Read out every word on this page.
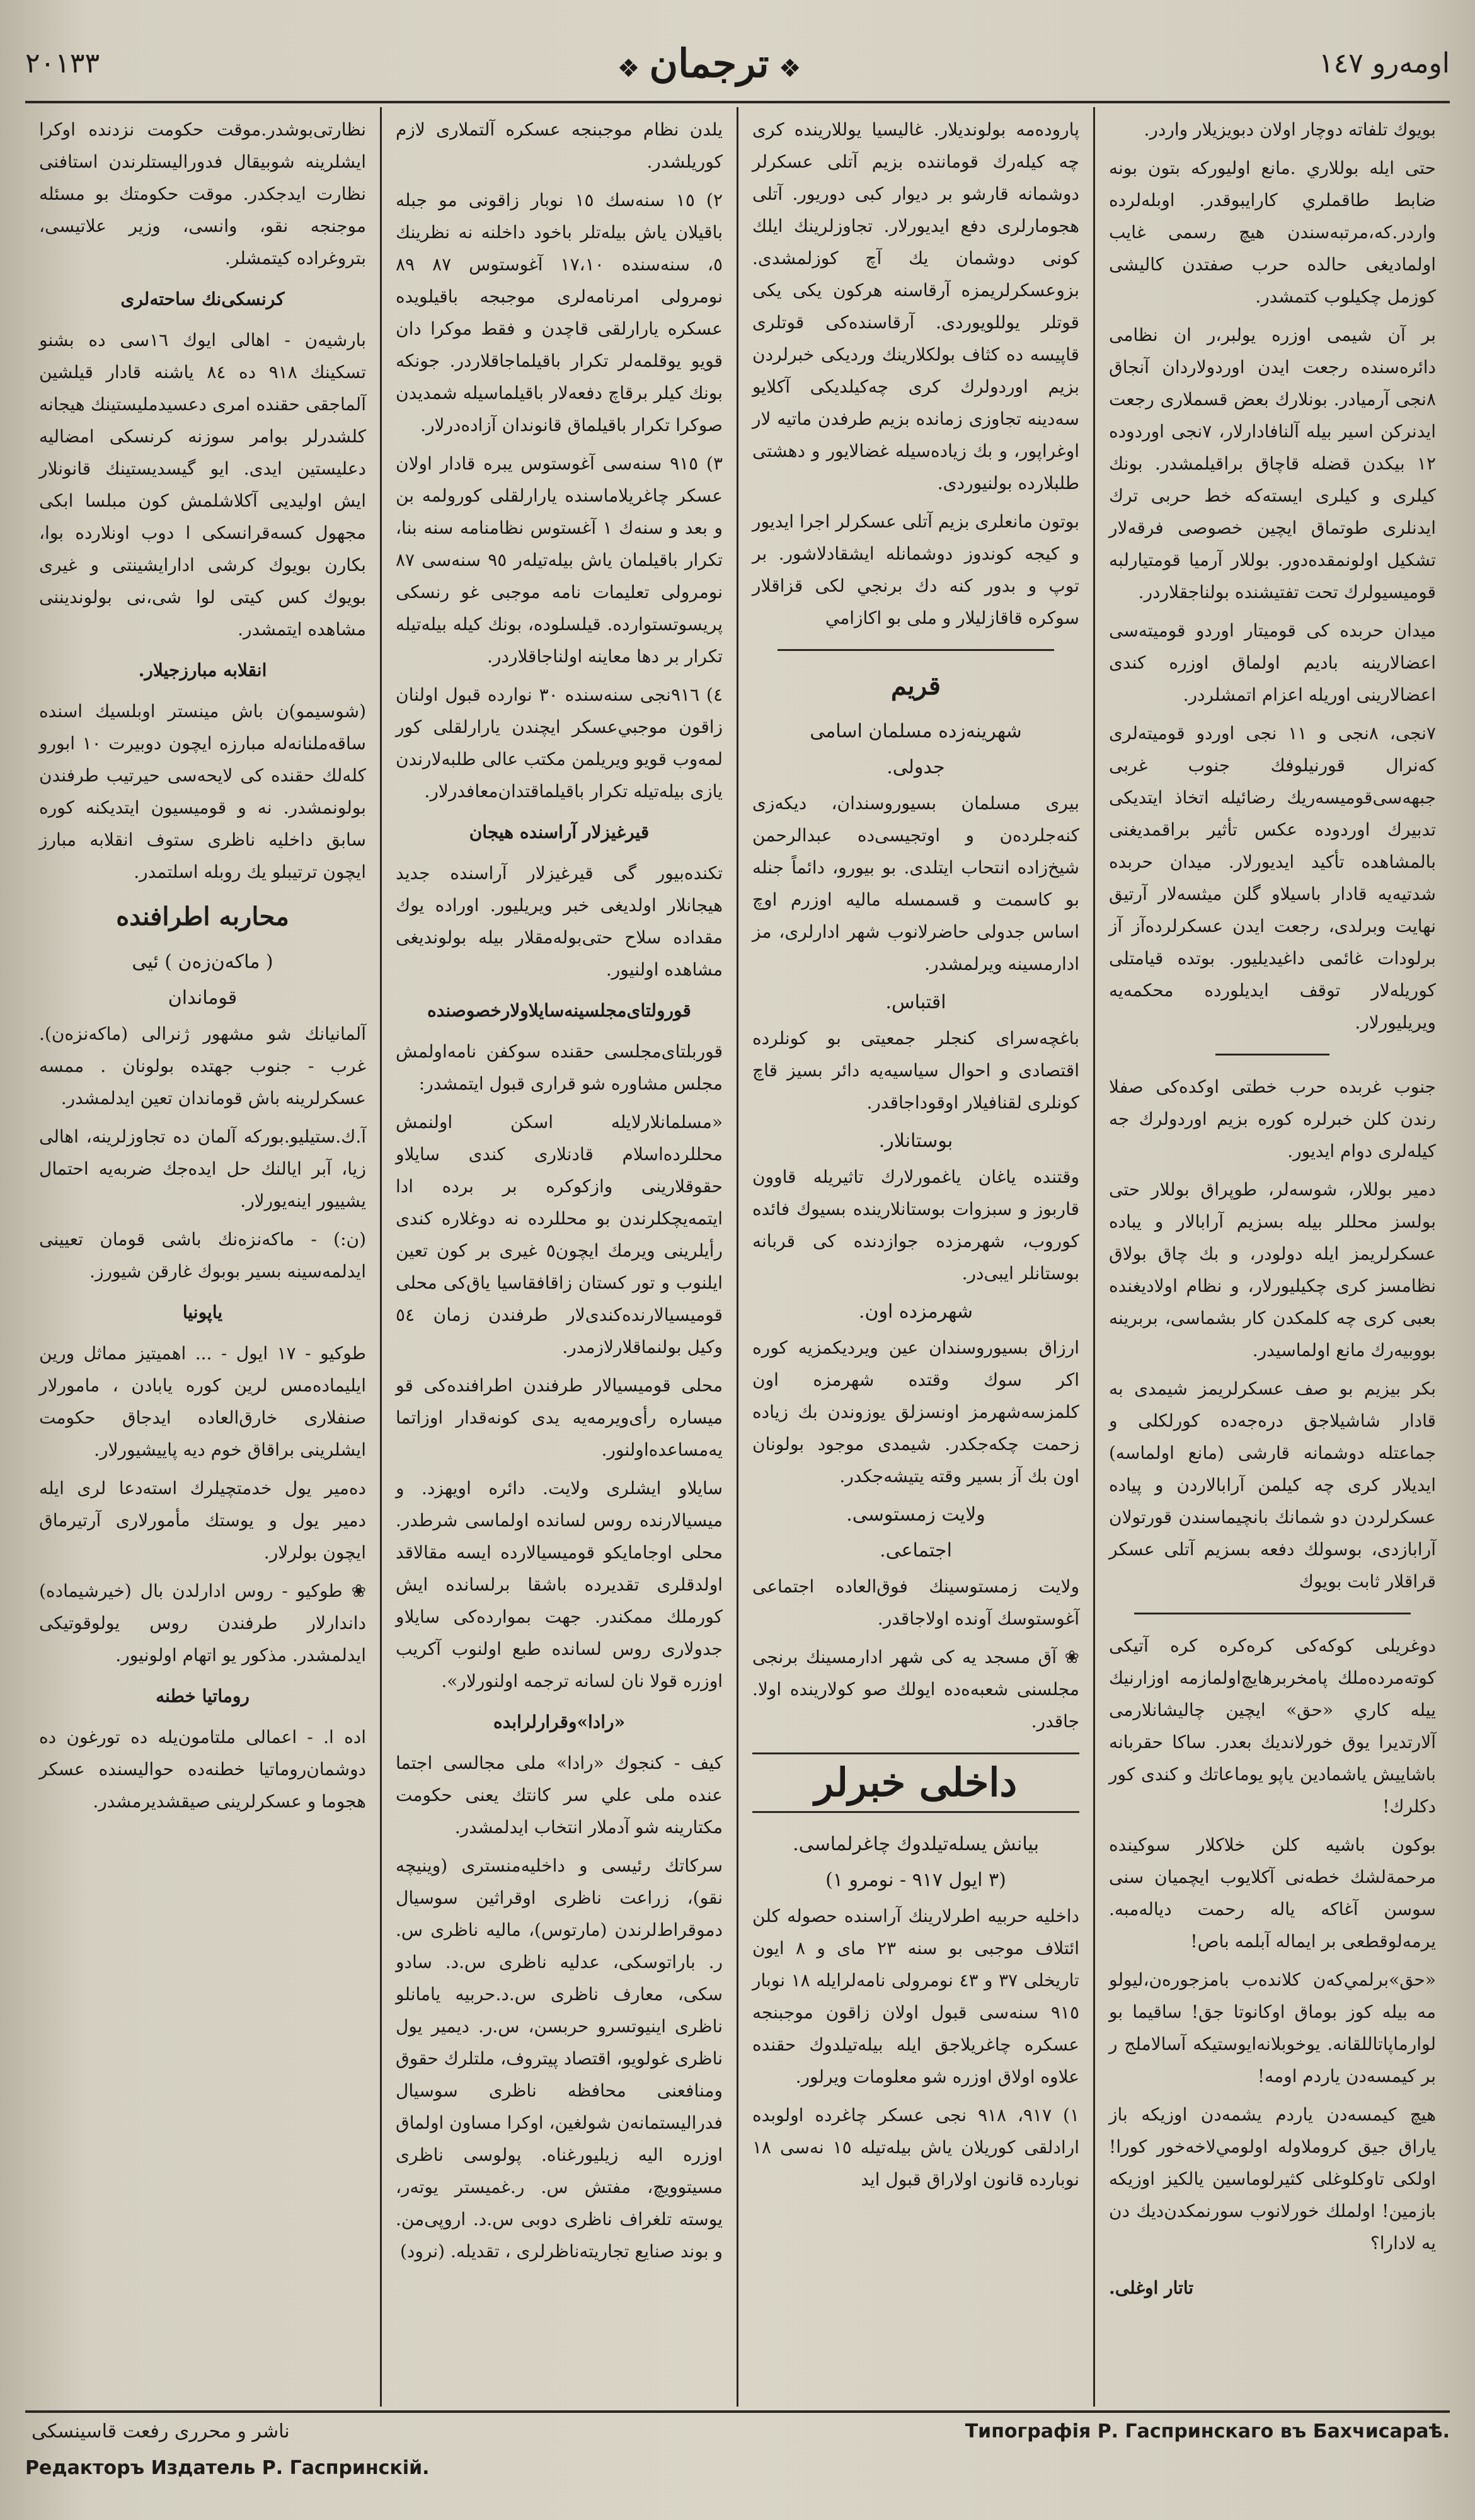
اومەرو ١٤٧
❖ ترجمان ❖
٢٠١٣٣

بويوك تلفاته دوچار اولان دبويزيلار واردر.

حتى ايله بوللاري .مانع اوليوركه بتون بونه ضابط طاقملري كارايبوقدر. اوبله‌لرده واردر.كه،مرتبه‌سندن هيچ رسمى غايب اولماديغى حالده حرب صفتدن كاليشى كوزمل چكيلوب كتمشدر.

بر آن شيمى اوزره يولبر،ر ان نظامى دائره‌سنده رجعت ايدن اوردولاردان آنجاق ٨نجى آرميادر. بونلارك بعض قسملارى رجعت ايدنركن اسير بيله آلنافادارلار، ٧نجى اوردوده ١٢ بيكدن قضله قاچاق براقيلمشدر. بونك كيلرى و كيلرى ايسته‌كه خط حربى ترك ايدنلرى طوتماق ايچين خصوصى فرقه‌لار تشكيل اولونمقده‌دور. بوللار آرميا قومتيارلبه قوميسيولرك تحت تفتيشنده بولنا‌جقلاردر.

ميدان حربده كى قوميتار اوردو قوميته‌سى اعضالارينه باديم اولماق اوزره كندى اعضالارينى اوريله اعزام اتمشلردر.

٧نجى، ٨نجى و ١١ نجى اوردو قوميته‌لرى كه‌نرال قورنيلوفك جنوب غربى جبهه‌سى‌قوميسه‌ريك رضائيله اتخاذ ايتديكى تدبيرك اوردوده عكس تأثير براقمديغنى بالمشاهده تأكيد ايديورلار. ميدان حربده شدتيه‌يه قادار باسيلاو گلن ميثسه‌لار آرتيق نهايت وبرلدى، رجعت ايدن عسكرلرده‌آز آز برلودات غائمى داغيديليور. بوتده قيامتلى كوريله‌لار توقف ايديلورده محكمه‌يه ويريليورلار.

جنوب غربده حرب خطتى اوكده‌كى صفلا رندن كلن خبرلره كوره بزيم اوردولرك جه كيله‌لرى دوام ايديور.

دمير بوللار، شوسه‌لر، طوپراق بوللار حتى بولسز محللر بيله بسزيم آرابالار و يباده عسكرلريمز ايله دولودر، و بك چاق بولاق نظامسز كرى چكيليورلار، و نظام اولاديغنده بعبى كرى چه كلمكدن كار بشماسى، بربرينه بووبيه‌رك مانع اولماسيدر.

بكر بيزيم بو صف عسكرلريمز شيمدى به قادار شاشيلاجق دره‌جه‌ده كورلكلی و جماعتله دوشمانه قارشى (مانع اولماسه) ايديلار كرى چه كيلمن آرابالاردن و پياده عسكرلردن دو شمانك بانچيماسندن قورتولان آرابازدى، بوسولك دفعه بسزيم آتلى عسكر قراقلار ثابت بويوك

دوغريلى كوكه‌كى كره‌كره كره آتيكى كوته‌مرده‌ملك پامخربرها‌يچ‌اولمازمه‌ اوزارنيك ييله كاري «حق» ايچين چاليشانلارمى آلارتديرا يوق خورلانديك بعدر. ساكا حقربانه باشاييش ياشمادين ياپو يوماعاتك و كندى كور دكلرك!

بوكون باشيه كلن خلاكلار سوكينده مرحمةلشك خطه‌نى آكلايوب ايچميان سنى سوسن آغاكه ياله رحمت دياله‌مبه. يرمه‌لوقطعى بر ايماله آبلمه باص!

«حق»برلمي‌كه‌ن كلانده‌ب بامزجوره‌ن،ليولو مه بيله كوز بوماق اوكانوتا جق! ساقيما بو لوارماپاتاللقانه. يوخوبلانه‌ايوستيكه آسالاملج ر بر كيمسه‌دن ياردم اومه!

هيچ كيمسه‌دن ياردم يشمه‌دن اوزيكه باز ياراق جيق كروملاوله اولومي‌لاخه‌خور كورا! اولكى تاوكلوغلى كثيرلوماسين يالكيز اوزيكه بازمين! اولملك خورلانوب سورنمكدن‌ديك دن يه لادارا؟

تاتار اوغلى.

پاروده‌مه بولونديلار. غاليسيا يوللاريندە كرى چه كيله‌رك قوماننده بزيم آتلى عسكرلر دوشمانه قارشو بر ديوار كبى دوريور. آتلى هجومارلرى دفع ايديورلار. تجاوزلرينك ايلك كونى دوشمان يك آچ كوزلمشدى. بزوعسكرلريمزه آرقاسنه هركون يكى يكى قوتلر يوللويوردى. آرقاسنده‌كى قوتلرى قاپيسه ده كثاف بولكلارينك ورديكى خبرلردن بزيم اوردولرك كرى چه‌كيلديكى آكلايو سه‌دينه تجاوزى زمانده بزيم طرفدن ماتيه لار اوغراپور، و بك زياده‌سيله غضالايور و دهشتى طلبلاردە بولنيوردى.

بوتون مانعلرى بزيم آتلى عسكرلر اجرا ايديور و كيجه‌ كوندوز دوشمانله ايشقادلاشور. بر توپ و بدور كنه دك برنجي لكى قزاقلار سوكره قاقازليلار و ملى بو اكازامي

قريم
شهرينه‌زده مسلمان اسامى
جدولى.

بيرى مسلمان بسيوروسندان، ديكه‌زى كنه‌جلرده‌ن و اوتجيسى‌ده عبدالرحمن شيخ‌زاده انتحاب ايتلدى. بو بيورو، دائماً جنله بو كاسمت و قسمسله ماليه اوزرم اوچ اساس جدولى حاضرلانوب شهر ادارلرى، مز ادارمسينه ويرلمشدر.

اقتباس.

باغچه‌سراى كنجلر جمعيتى بو كونلرده اقتصادى و احوال سياسيه‌يه دائر بسيز قاچ كونلرى لقنافيلار اوقوداجاقدر.

بوستانلار.

وقتنده ياغان ياغمورلارك تاثيريله قاوون قاربوز و سبزوات بوستانلاريندە بسيوك فائده كوروب، شهرمزدە جوازدنده كى قربانه بوستانلر ايبى‌در.

شهرمزده اون.

ارزاق بسيوروسندان عين ويرديكمزيه كوره اكر سوك وقتده شهرمزه اون كلمزسه‌شهرمز اونسزلق يوزوندن بك زياده زحمت چكه‌جكدر. شيمدى موجود بولونان اون بك آز بسير وقته يتيشه‌جكدر.

ولايت زمستوسى.
اجتماعى.

ولايت زمستوسينك فوق‌العاده اجتماعى آغوستوسك آونده اولاجاقدر.

❀ آق مسجد يه كى شهر ادارمسينك برنجى مجلسنى شعبه‌ه‌ده ايولك صو كولارينده اولا. جاقدر.

داخلى خبرلر
بيانش يسله‌تيلدوك چاغرلماسى.
(٣ ايول ٩١٧ - نومرو ١)

داخليه حربيه اطرلارينك آراسنده حصوله كلن ائتلاف موجبى بو سنه ٢٣ مای و ٨ ايون تاريخلى ٣٧ و ٤٣ نومرولى نامه‌لرايله ١٨ نوبار ٩١٥ سنه‌سى قبول اولان زاقون موجبنجه عسكره چاغريلاجق ايله بيله‌تيلدوك حقنده علاوه اولاق اوزره شو معلومات ويرلور.

١) ٩١٧، ٩١٨ نجى عسكر چاغرده اولوبده‌ ارادلقى كوريلان ياش بيله‌تيله ١٥ نه‌سى ١٨ نوبارده قانون اولاراق قبول ايد

يلدن نظام موجبنجه عسكره آلتملارى لازم كوريلشدر.

٢) ١٥ سنه‌سك ١٥ نوبار زاقونى مو جبله باقيلان ياش بيله‌تلر باخود داخلنه نه نظرينك ٥، سنه‌سنده ١٧،١٠ آغوستوس ٨٧ ٨٩ نومرولى امرنامه‌لرى موجبجه باقيلويده عسكره يارارلقى قاچدن و فقط موكرا دان قويو يوقلمه‌لر تكرار باقيلماجاقلاردر. جونكه بونك كيلر برقاچ دفعه‌لار باقيلماسيله شمديدن صوكرا تكرار باقيلماق قانوندان آزاده‌درلار.

٣) ٩١٥ سنه‌سى آغوستوس يبره قادار اولان عسكر چاغريلاماسنده يارارلقلى كورولمه بن و بعد و سنه‌ك ١ آغستوس نظامنامه سنه بنا، تكرار باقيلمان ياش بيله‌تيله‌ر ٩٥ سنه‌سى ٨٧ نومرولى تعليمات نامه موجبى غو رنسكى پريسوتستوارده. قيلسلوده، بونك كيله بيله‌تيله تكرار بر دها معاينه اولناجاقلاردر.

٤) ٩١٦نجى سنه‌سنده ٣٠ نوارده قبول اولنان زاقون موجبي‌عسكر ايچندن يارارلقلى كور لمه‌وب قويو ويريلمن مكتب عالى طلبه‌لارندن يازى بيله‌تيله تكرار باقيلماقتدان‌معافدرلار.

قيرغيزلار آراسنده هيجان

تكنده‌بيور گى قيرغيزلار آراسنده‌ جديد هيجانلار اولديغى خبر ويريليور. اوراده يوك مقداده سلاح حتى‌بوله‌مقلار بيله بولونديغى مشاهده اولنيور.

قورولتاى‌مجلسينه‌سايلاولار‌خصوصنده

قوربلتاى‌مجلسى حقنده سوكفن نامه‌اولمش مجلس مشاوره شو قرارى قبول ايتمشدر:

«مسلمانلارلايله اسكن اولنمش محللرده‌اسلام قادنلارى كندى سايلاو حقوقلارينى وازكوكره بر برده ادا ايتمه‌يچكلرندن بو محللرده نه دوغلاره كندى رأيلرينى ويرمك ايچون٥ غيرى بر كون تعين ايلنوب و تور كستان زاقافقاسيا ياق‌كى محلى قوميسيالارنده‌كندى‌لار طرفندن زمان ٥٤ وكيل بولنماقلارلازمدر.

محلى قوميسيالار طرفندن اطرافنده‌كى قو ميساره رأى‌ويرمه‌يه يدى كونه‌قدار اوزاتما يه‌مساعده‌اولنور.

سايلاو ايشلرى ولايت. دائره اويهزد. و ميسيالارنده روس لسانده اولماسى شرطدر. محلى اوجامايكو قوميسيالارده ايسه مقالاقد اولدقلرى تقديرده باشقا برلسانده ايش كورملك ممكندر. جهت بموارده‌كى سايلاو جدولارى روس لسانده طبع اولنوب آكريب اوزره قولا نان لسانه ترجمه اولنورلار».

«رادا»وقرارلرابده

كيف - كنجوك «رادا» ملى مجالسى اجتما عنده ملى علي سر كانتك يعنى حكومت مكتارينه شو آدملار انتخاب ايدلمشدر.

سركاتك رئيسى و داخليه‌منسترى (وينيچه‌ نقو)، زراعت ناظرى اوقراثين سوسيال دموقراط‌لرندن (مارتوس)، ماليه ناظرى س. ر. باراتوسكى، عدليه ناظرى س.د. سادو سكى، معارف ناظرى س.د.حربيه يامانلو ناظرى اينيوتسرو حربسن، س.ر. ديمير يول ناظرى غولويو، اقتصاد پيتروف، ملتلرك حقوق ومنافعنى محافظه ناظرى سوسيال فدراليستمانه‌ن شولغين، اوكرا مساون اولماق اوزره اليه زيليورغناه. پولوسى ناظرى مسيتوويچ، مفتش س. ر.غميستر يوته‌ر، يوسته‌ تلغراف ناظرى دوبى س.د. اروپى‌من. و بوند صنايع تجاريته‌‌ناظرلرى ، تقديله. (نرود)

نظارتى‌بوشدر.موقت حكومت نزدنده اوكرا ايشلرينه شوبيقال فدوراليستلرندن استافنى نظارت ايدجكدر. موقت حكومتك بو مسئله موجنجه نقو، وانسى، وزير علاتيسى، بتروغراده كيتمشلر.

كرنسكى‌نك ساحته‌لرى

بارشيه‌ن - اهالى ايوك ١٦سى ده بشنو تسكينك ٩١٨ ده ٨٤ ياشنه قادار قيلشين آلماجقى حقنده امرى دعسيدمليستينك هيجانه كلشدرلر بوامر سوزنه كرنسكى امضاليه دعليستين ايدى. ايو گيسديستينك قانونلار ايش اوليديى آكلاشلمش كون مبلسا ابكى مجهول كسه‌قرانسكى ا دوب اونلارده بوا، بكارن بويوك كرشى ادارايشينتى و غيرى بويوك كس كيتى لوا شى،نى بولونديننى مشاهده ايتمشدر.

انقلابه مبارزجيلار.

(شوسيمو)ن باش مينستر اوبلسيك اسنده ساقه‌ملنانه‌له مبارزه ايچون دوبيرت ١٠ ابورو كله‌‌لك حقنده كى لايحه‌سى حيرتيب طرفندن بولونمشدر. نه و قوميسيون ايتديكنه كوره سابق داخليه ناظرى ستوف انقلابه مبارز ايچون ترتيبلو يك روبله اسلتمدر.

محاربه اطرافنده
( ماكه‌ن‌زه‌ن ) ئيى
قوماندان

آلمانيانك شو مشهور ژنرالى (ماكه‌نزه‌ن). غرب - جنوب جهتده بولونان . ممسه عسكرلرينه باش قوماندان تعين ايدلمشدر.

آ.ك.ستيليو.بوركه آلمان ده تجاوزلرينه، اهالى زيا، آبر ايالنك حل ايده‌جك ضربه‌يه احتمال يشييور اينه‌يورلار.

(ن:) - ماكه‌نزه‌نك باشى قومان تعيينى ايدلمه‌سينه بسير بوبوك غارقن شيورز.

ياپونيا

طوكيو - ١٧ ايول - ... اهميتيز مماثل ورين ايليماده‌مس لرين كوره يابادن ، مامورلار صنفلارى خارق‌العاده ايدجاق حكومت ايشلرينى براقاق خوم ديه پاييشيورلار.

ده‌مير يول خدمتچيلرك استه‌دعا لرى ايله دمير يول و يوستك مأمورلارى آرتيرماق ايچون بولرلار.

❀ طوكيو - روس ادارلدن بال (خيرشيماده) داندارلار طرفندن روس يولوقوتيكى ايدلمشدر. مذكور يو اتهام اولونيور.

روماتيا خطنه

اده ا. - اعمالى ملتامون‌يله ده‌ تورغون ده دوشمان‌روماتيا خطنه‌ده حواليسنده عسكر هجوما و عسكرلرينى صيقشديرمشدر.

ناشر و محررى رفعت قاسينسكى	Типографія Р. Гаспринскаго въ Бахчисараѣ.
Редакторъ Издатель Р. Гаспринскій.
